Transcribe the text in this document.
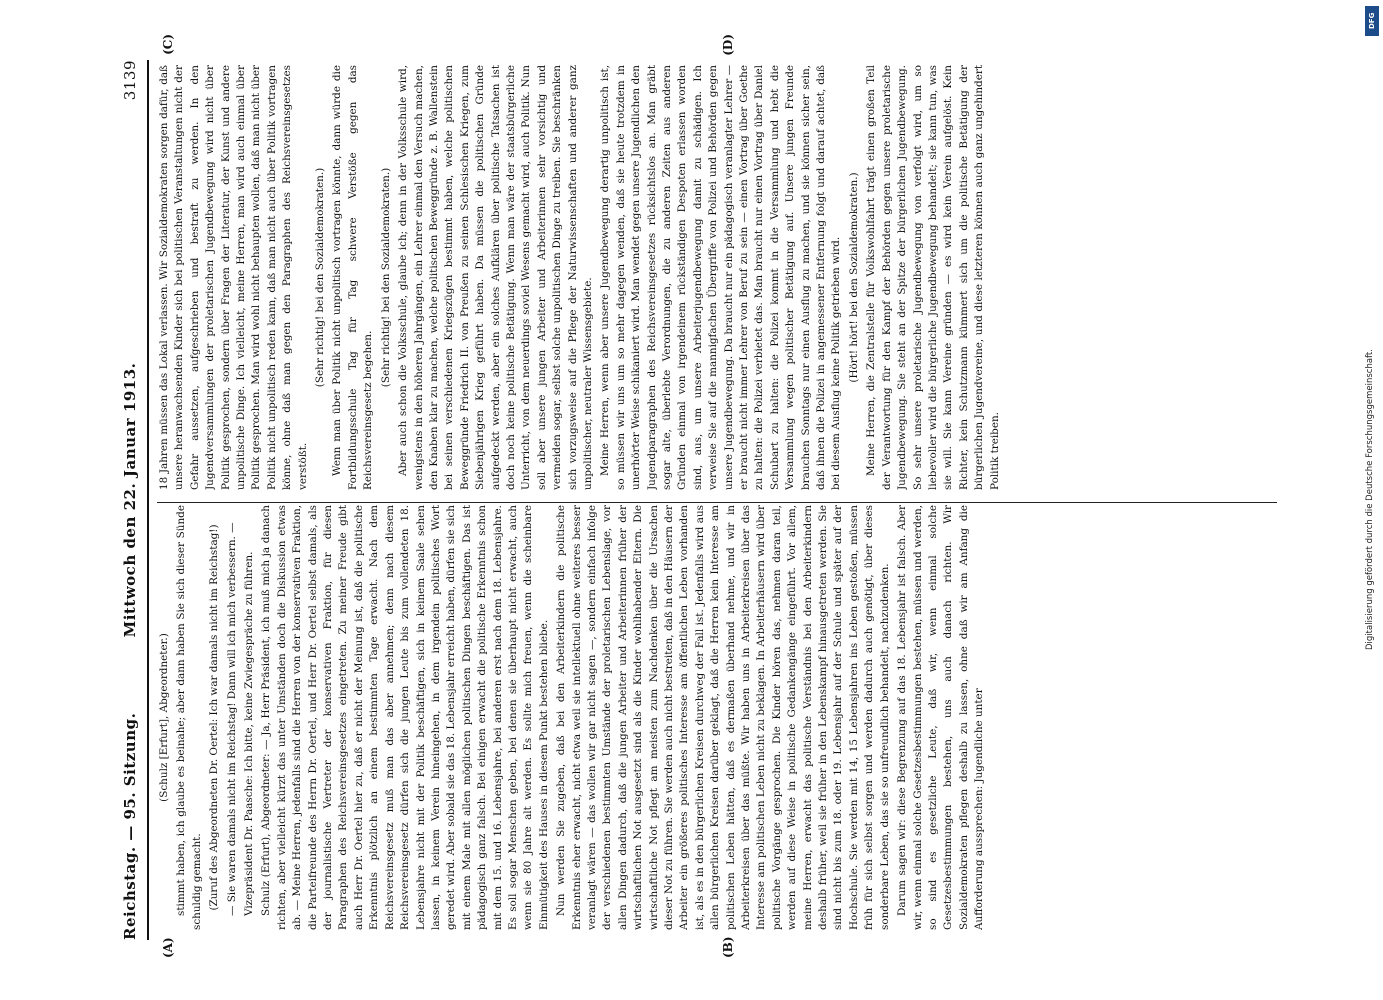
Reichstag. — 95. Sitzung.
Mittwoch den 22. Januar 1913.
3139
(A)	(B)
(C)	(D)

(Schulz [Erfurt], Abgeordneter.) stimmt haben, ich glaube es beinahe; aber dann haben Sie sich dieser Sünde schuldig gemacht. (Zuruf des Abgeordneten Dr. Oertel: Ich war damals nicht im Reichstag!) — Sie waren damals nicht im Reichstag! Dann will ich mich verbessern. — Vizepräsident Dr. Paasche: Ich bitte, keine Zwiegespräche zu führen. Schulz (Erfurt), Abgeordneter: — Ja, Herr Präsident, ich muß mich ja danach richten, aber vielleicht kürzt das unter Umständen doch die Diskussion etwas ab. — Meine Herren, jedenfalls sind die Herren von der konservativen Fraktion, die Parteifreunde des Herrn Dr. Oertel, und Herr Dr. Oertel selbst damals, als der journalistische Vertreter der konservativen Fraktion, für diesen Paragraphen des Reichsvereinsgesetzes eingetreten. Zu meiner Freude gibt auch Herr Dr. Oertel hier zu, daß er nicht der Meinung ist, daß die politische Erkenntnis plötzlich an einem bestimmten Tage erwacht. Nach dem Reichsvereinsgesetz muß man das aber annehmen; denn nach diesem Reichsvereinsgesetz dürfen sich die jungen Leute bis zum vollendeten 18. Lebensjahre nicht mit der Politik beschäftigen, sich in keinem Saale sehen lassen, in keinem Verein hineingehen, in dem irgendein politisches Wort geredet wird. Aber sobald sie das 18. Lebensjahr erreicht haben, dürfen sie sich mit einem Male mit allen möglichen politischen Dingen beschäftigen. Das ist pädagogisch ganz falsch. Bei einigen erwacht die politische Erkenntnis schon mit dem 15. und 16. Lebensjahre, bei anderen erst nach dem 18. Lebensjahre. Es soll sogar Menschen geben, bei denen sie überhaupt nicht erwacht, auch wenn sie 80 Jahre alt werden. Es sollte mich freuen, wenn die scheinbare Einmütigkeit des Hauses in diesem Punkt bestehen bliebe. Nun werden Sie zugeben, daß bei den Arbeiterkindern die politische Erkenntnis eher erwacht, nicht etwa weil sie intellektuell ohne weiteres besser veranlagt wären — das wollen wir gar nicht sagen —, sondern einfach infolge der verschiedenen bestimmten Umstände der proletarischen Lebenslage, vor allen Dingen dadurch, daß die jungen Arbeiter und Arbeiterinnen früher der wirtschaftlichen Not ausgesetzt sind als die Kinder wohlhabender Eltern. Die wirtschaftliche Not pflegt am meisten zum Nachdenken über die Ursachen dieser Not zu führen. Sie werden auch nicht bestreiten, daß in den Häusern der Arbeiter ein größeres politisches Interesse am öffentlichen Leben vorhanden ist, als es in den bürgerlichen Kreisen durchweg der Fall ist. Jedenfalls wird aus allen bürgerlichen Kreisen darüber geklagt, daß die Herren kein Interesse am politischen Leben hätten, daß es dermaßen überhand nehme, und wir in Arbeiterkreisen über das müßte. Wir haben uns in Arbeiterkreisen über das Interesse am politischen Leben nicht zu beklagen. In Arbeiterhäusern wird über politische Vorgänge gesprochen. Die Kinder hören das, nehmen daran teil, werden auf diese Weise in politische Gedankengänge eingeführt. Vor allem, meine Herren, erwacht das politische Verständnis bei den Arbeiterkindern deshalb früher, weil sie früher in den Lebenskampf hinausgetreten werden. Sie sind nicht bis zum 18. oder 19. Lebensjahr auf der Schule und später auf der Hochschule. Sie werden mit 14, 15 Lebensjahren ins Leben gestoßen, müssen früh für sich selbst sorgen und werden dadurch auch genötigt, über dieses sonderbare Leben, das sie so unfreundlich behandelt, nachzudenken. Darum sagen wir: diese Begrenzung auf das 18. Lebensjahr ist falsch. Aber wir, wenn einmal solche Gesetzesbestimmungen bestehen, müssen und werden, so sind es gesetzliche Leute, daß wir, wenn einmal solche Gesetzesbestimmungen bestehen, uns auch danach richten. Wir Sozialdemokraten pflegen deshalb zu lassen, ohne daß wir am Anfang die Aufforderung aussprechen: Jugendliche unter

18 Jahren müssen das Lokal verlassen. Wir Sozialdemokraten sorgen dafür, daß unsere heranwachsenden Kinder sich bei politischen Veranstaltungen nicht der Gefahr aussetzen, aufgeschrieben und bestraft zu werden. In den Jugendversammlungen der proletarischen Jugendbewegung wird nicht über Politik gesprochen, sondern über Fragen der Literatur, der Kunst und andere unpolitische Dinge. Ich vielleicht, meine Herren, man wird auch einmal über Politik gesprochen. Man wird wohl nicht behaupten wollen, daß man nicht über Politik nicht unpolitisch reden kann, daß man nicht auch über Politik vortragen könne, ohne daß man gegen den Paragraphen des Reichsvereinsgesetzes verstößt.

(Sehr richtig! bei den Sozialdemokraten.) Wenn man über Politik nicht unpolitisch vortragen könnte, dann würde die Fortbildungsschule Tag für Tag schwere Verstöße gegen das Reichsvereinsgesetz begehen.

(Sehr richtig! bei den Sozialdemokraten.) Aber auch schon die Volksschule, glaube ich; denn in der Volksschule wird, wenigstens in den höheren Jahrgängen, ein Lehrer einmal den Versuch machen, den Knaben klar zu machen, welche politischen Beweggründe z. B. Wallenstein bei seinen verschiedenen Kriegszügen bestimmt haben, welche politischen Beweggründe Friedrich II. von Preußen zu seinen Schlesischen Kriegen, zum Siebenjährigen Krieg geführt haben. Da müssen die politischen Gründe aufgedeckt werden, aber ein solches Aufklären über politische Tatsachen ist doch noch keine politische Betätigung. Wenn man wäre der staatsbürgerliche Unterricht, von dem neuerdings soviel Wesens gemacht wird, auch Politik. Nun soll aber unsere jungen Arbeiter und Arbeiterinnen sehr vorsichtig und vermeiden sogar, selbst solche unpolitischen Dinge zu treiben. Sie beschränken sich vorzugsweise auf die Pflege der Naturwissenschaften und anderer ganz unpolitischer, neutraler Wissensgebiete. Meine Herren, wenn aber unsere Jugendbewegung derartig unpolitisch ist, so müssen wir uns um so mehr dagegen wenden, daß sie heute trotzdem in unerhörter Weise schikaniert wird. Man wendet gegen unsere Jugendlichen den Jugendparagraphen des Reichsvereinsgesetzes rücksichtslos an. Man gräbt sogar alte, überlebte Verordnungen, die zu anderen Zeiten aus anderen Gründen einmal von irgendeinem rückständigen Despoten erlassen worden sind, aus, um unsere Arbeiterjugendbewegung damit zu schädigen. Ich verweise Sie auf die mannigfachen Übergriffe von Polizei und Behörden gegen unsere Jugendbewegung. Da braucht nur ein pädagogisch veranlagter Lehrer — er braucht nicht immer Lehrer von Beruf zu sein — einen Vortrag über Goethe zu halten: die Polizei verbietet das. Man braucht nur einen Vortrag über Daniel Schubart zu halten: die Polizei kommt in die Versammlung und hebt die Versammlung wegen politischer Betätigung auf. Unsere jungen Freunde brauchen Sonntags nur einen Ausflug zu machen, und sie können sicher sein, daß ihnen die Polizei in angemessener Entfernung folgt und darauf achtet, daß bei diesem Ausflug keine Politik getrieben wird. (Hört! hört! bei den Sozialdemokraten.) Meine Herren, die Zentralstelle für Volkswohlfahrt trägt einen großen Teil der Verantwortung für den Kampf der Behörden gegen unsere proletarische Jugendbewegung. Sie steht an der Spitze der bürgerlichen Jugendbewegung. So sehr unsere proletarische Jugendbewegung von verfolgt wird, um so liebevoller wird die bürgerliche Jugendbewegung behandelt; sie kann tun, was sie will. Sie kann Vereine gründen — es wird kein Verein aufgelöst. Kein Richter, kein Schutzmann kümmert sich um die politische Betätigung der bürgerlichen Jugendvereine, und diese letzteren können auch ganz ungehindert Politik treiben.

DFG
Digitalisierung gefördert durch die Deutsche Forschungsgemeinschaft.
